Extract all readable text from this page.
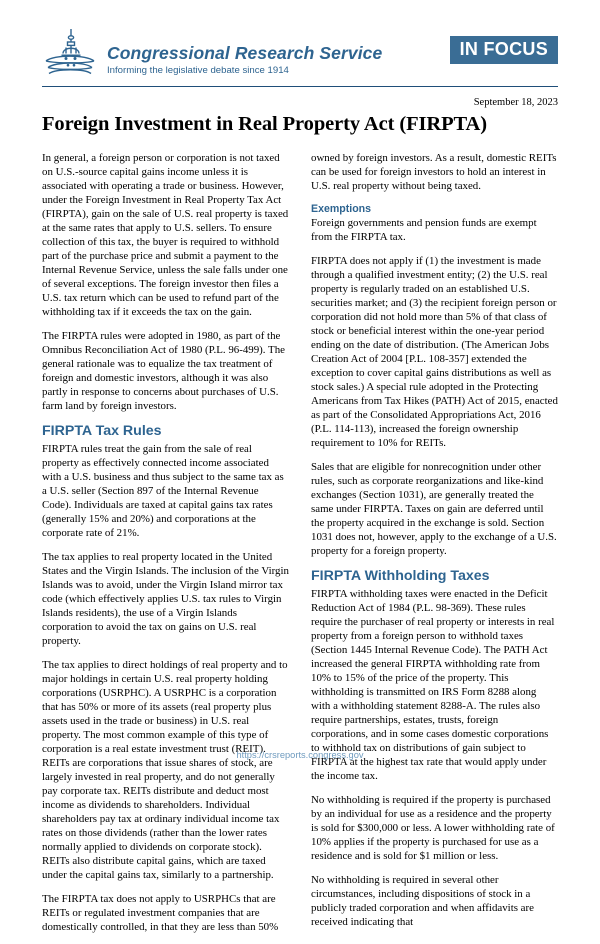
Congressional Research Service
Informing the legislative debate since 1914
IN FOCUS
September 18, 2023
Foreign Investment in Real Property Act (FIRPTA)

In general, a foreign person or corporation is not taxed on U.S.-source capital gains income unless it is associated with operating a trade or business. However, under the Foreign Investment in Real Property Tax Act (FIRPTA), gain on the sale of U.S. real property is taxed at the same rates that apply to U.S. sellers. To ensure collection of this tax, the buyer is required to withhold part of the purchase price and submit a payment to the Internal Revenue Service, unless the sale falls under one of several exceptions. The foreign investor then files a U.S. tax return which can be used to refund part of the withholding tax if it exceeds the tax on the gain.

The FIRPTA rules were adopted in 1980, as part of the Omnibus Reconciliation Act of 1980 (P.L. 96-499). The general rationale was to equalize the tax treatment of foreign and domestic investors, although it was also partly in response to concerns about purchases of U.S. farm land by foreign investors.

FIRPTA Tax Rules

FIRPTA rules treat the gain from the sale of real property as effectively connected income associated with a U.S. business and thus subject to the same tax as a U.S. seller (Section 897 of the Internal Revenue Code). Individuals are taxed at capital gains tax rates (generally 15% and 20%) and corporations at the corporate rate of 21%.

The tax applies to real property located in the United States and the Virgin Islands. The inclusion of the Virgin Islands was to avoid, under the Virgin Island mirror tax code (which effectively applies U.S. tax rules to Virgin Islands residents), the use of a Virgin Islands corporation to avoid the tax on gains on U.S. real property.

The tax applies to direct holdings of real property and to major holdings in certain U.S. real property holding corporations (USRPHC). A USRPHC is a corporation that has 50% or more of its assets (real property plus assets used in the trade or business) in U.S. real property. The most common example of this type of corporation is a real estate investment trust (REIT). REITs are corporations that issue shares of stock, are largely invested in real property, and do not generally pay corporate tax. REITs distribute and deduct most income as dividends to shareholders. Individual shareholders pay tax at ordinary individual income tax rates on those dividends (rather than the lower rates normally applied to dividends on corporate stock). REITs also distribute capital gains, which are taxed under the capital gains tax, similarly to a partnership.

The FIRPTA tax does not apply to USRPHCs that are REITs or regulated investment companies that are domestically controlled, in that they are less than 50%

owned by foreign investors. As a result, domestic REITs can be used for foreign investors to hold an interest in U.S. real property without being taxed.

Exemptions

Foreign governments and pension funds are exempt from the FIRPTA tax.

FIRPTA does not apply if (1) the investment is made through a qualified investment entity; (2) the U.S. real property is regularly traded on an established U.S. securities market; and (3) the recipient foreign person or corporation did not hold more than 5% of that class of stock or beneficial interest within the one-year period ending on the date of distribution. (The American Jobs Creation Act of 2004 [P.L. 108-357] extended the exception to cover capital gains distributions as well as stock sales.) A special rule adopted in the Protecting Americans from Tax Hikes (PATH) Act of 2015, enacted as part of the Consolidated Appropriations Act, 2016 (P.L. 114-113), increased the foreign ownership requirement to 10% for REITs.

Sales that are eligible for nonrecognition under other rules, such as corporate reorganizations and like-kind exchanges (Section 1031), are generally treated the same under FIRPTA. Taxes on gain are deferred until the property acquired in the exchange is sold. Section 1031 does not, however, apply to the exchange of a U.S. property for a foreign property.

FIRPTA Withholding Taxes

FIRPTA withholding taxes were enacted in the Deficit Reduction Act of 1984 (P.L. 98-369). These rules require the purchaser of real property or interests in real property from a foreign person to withhold taxes (Section 1445 Internal Revenue Code). The PATH Act increased the general FIRPTA withholding rate from 10% to 15% of the price of the property. This withholding is transmitted on IRS Form 8288 along with a withholding statement 8288-A. The rules also require partnerships, estates, trusts, foreign corporations, and in some cases domestic corporations to withhold tax on distributions of gain subject to FIRPTA at the highest tax rate that would apply under the income tax.

No withholding is required if the property is purchased by an individual for use as a residence and the property is sold for $300,000 or less. A lower withholding rate of 10% applies if the property is purchased for use as a residence and is sold for $1 million or less.

No withholding is required in several other circumstances, including dispositions of stock in a publicly traded corporation and when affidavits are received indicating that

https://crsreports.congress.gov
